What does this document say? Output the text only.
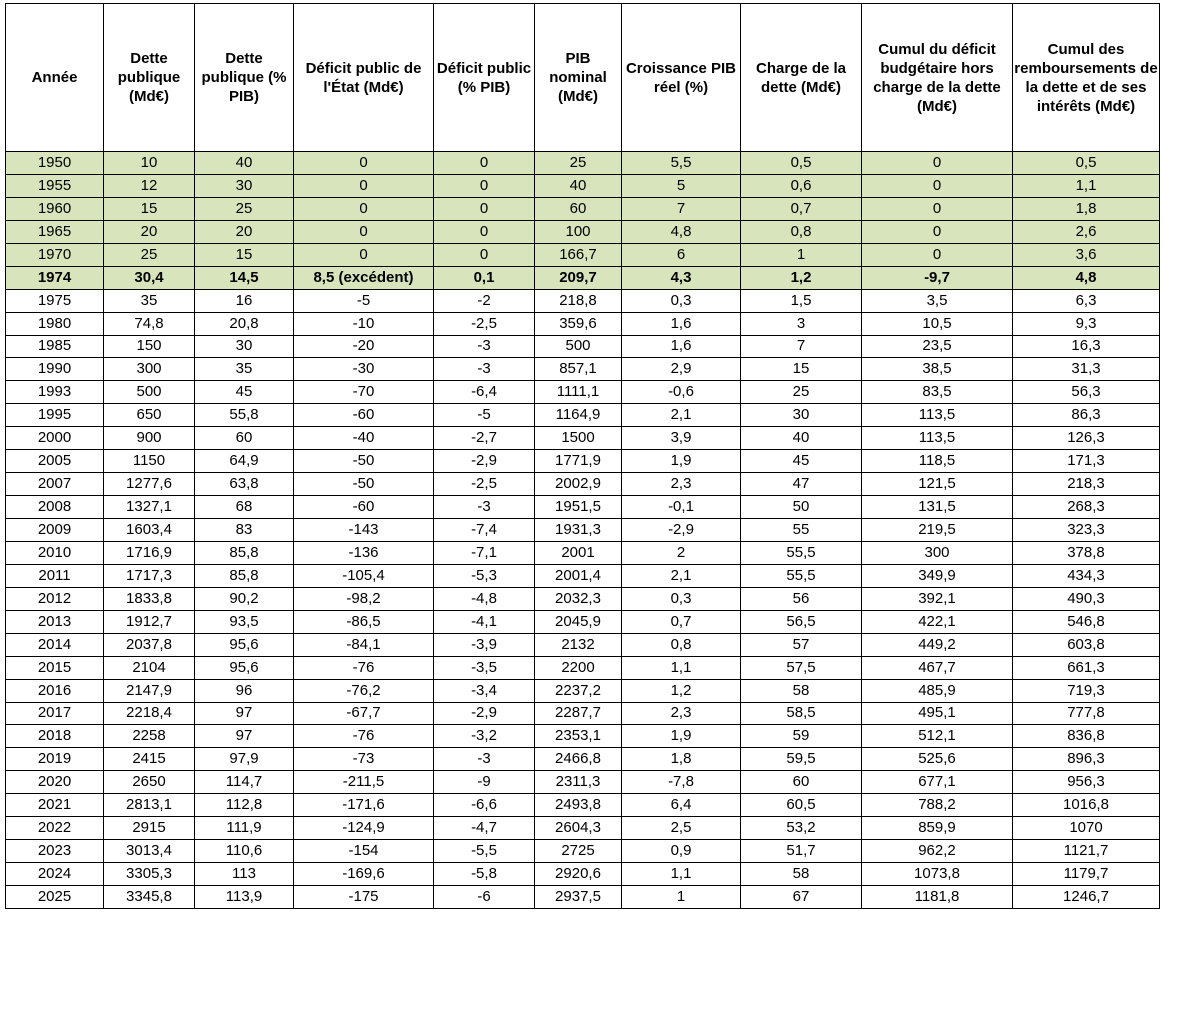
Année	Dette publique (Md€)	Dette publique (% PIB)	Déficit public de l'État (Md€)	Déficit public (% PIB)	PIB nominal (Md€)	Croissance PIB réel (%)	Charge de la dette (Md€)	Cumul du déficit budgétaire hors charge de la dette (Md€)	Cumul des remboursements de la dette et de ses intérêts (Md€)
1950	10	40	0	0	25	5,5	0,5	0	0,5
1955	12	30	0	0	40	5	0,6	0	1,1
1960	15	25	0	0	60	7	0,7	0	1,8
1965	20	20	0	0	100	4,8	0,8	0	2,6
1970	25	15	0	0	166,7	6	1	0	3,6
1974	30,4	14,5	8,5 (excédent)	0,1	209,7	4,3	1,2	-9,7	4,8
1975	35	16	-5	-2	218,8	0,3	1,5	3,5	6,3
1980	74,8	20,8	-10	-2,5	359,6	1,6	3	10,5	9,3
1985	150	30	-20	-3	500	1,6	7	23,5	16,3
1990	300	35	-30	-3	857,1	2,9	15	38,5	31,3
1993	500	45	-70	-6,4	1111,1	-0,6	25	83,5	56,3
1995	650	55,8	-60	-5	1164,9	2,1	30	113,5	86,3
2000	900	60	-40	-2,7	1500	3,9	40	113,5	126,3
2005	1150	64,9	-50	-2,9	1771,9	1,9	45	118,5	171,3
2007	1277,6	63,8	-50	-2,5	2002,9	2,3	47	121,5	218,3
2008	1327,1	68	-60	-3	1951,5	-0,1	50	131,5	268,3
2009	1603,4	83	-143	-7,4	1931,3	-2,9	55	219,5	323,3
2010	1716,9	85,8	-136	-7,1	2001	2	55,5	300	378,8
2011	1717,3	85,8	-105,4	-5,3	2001,4	2,1	55,5	349,9	434,3
2012	1833,8	90,2	-98,2	-4,8	2032,3	0,3	56	392,1	490,3
2013	1912,7	93,5	-86,5	-4,1	2045,9	0,7	56,5	422,1	546,8
2014	2037,8	95,6	-84,1	-3,9	2132	0,8	57	449,2	603,8
2015	2104	95,6	-76	-3,5	2200	1,1	57,5	467,7	661,3
2016	2147,9	96	-76,2	-3,4	2237,2	1,2	58	485,9	719,3
2017	2218,4	97	-67,7	-2,9	2287,7	2,3	58,5	495,1	777,8
2018	2258	97	-76	-3,2	2353,1	1,9	59	512,1	836,8
2019	2415	97,9	-73	-3	2466,8	1,8	59,5	525,6	896,3
2020	2650	114,7	-211,5	-9	2311,3	-7,8	60	677,1	956,3
2021	2813,1	112,8	-171,6	-6,6	2493,8	6,4	60,5	788,2	1016,8
2022	2915	111,9	-124,9	-4,7	2604,3	2,5	53,2	859,9	1070
2023	3013,4	110,6	-154	-5,5	2725	0,9	51,7	962,2	1121,7
2024	3305,3	113	-169,6	-5,8	2920,6	1,1	58	1073,8	1179,7
2025	3345,8	113,9	-175	-6	2937,5	1	67	1181,8	1246,7
